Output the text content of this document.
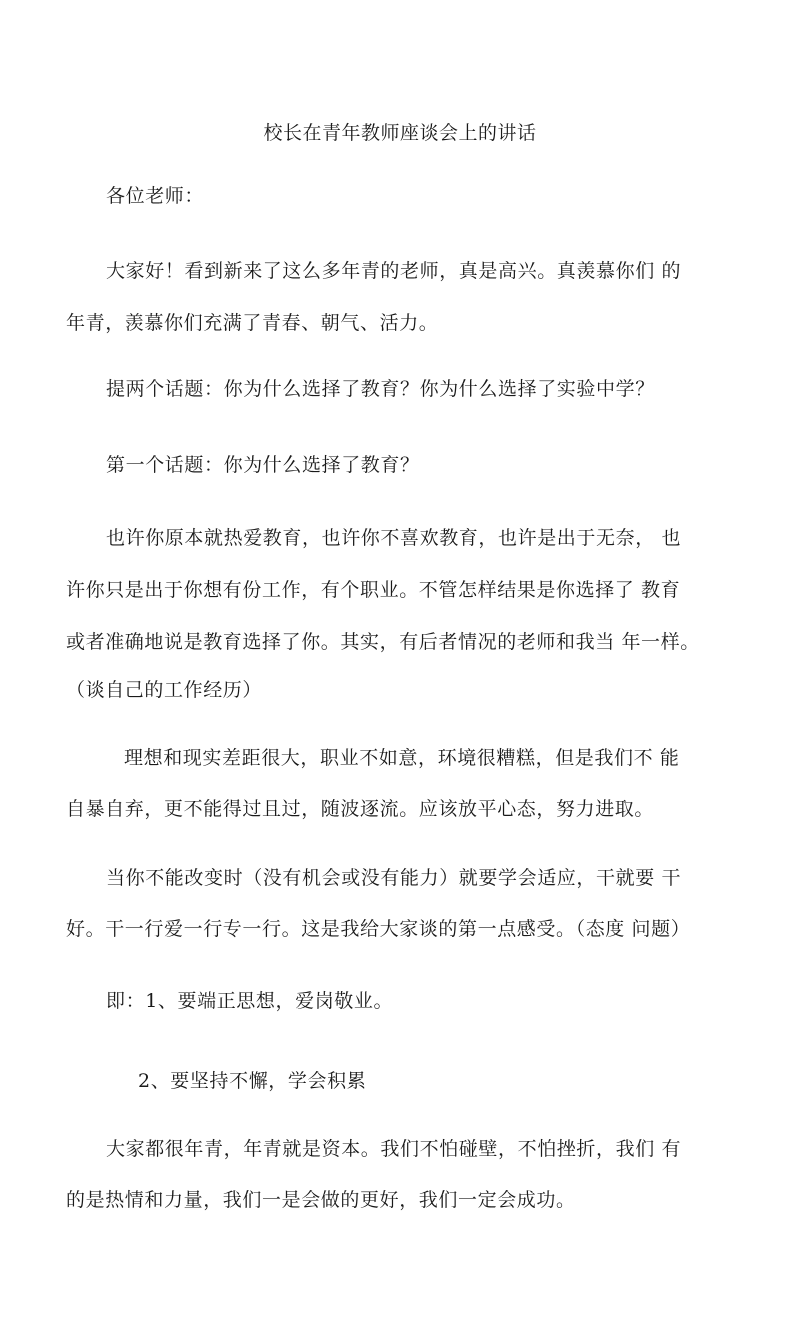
校长在青年教师座谈会上的讲话
各位老师：
大家好！看到新来了这么多年青的老师，真是高兴。真羡慕你们 的
年青，羡慕你们充满了青春、朝气、活力。
提两个话题：你为什么选择了教育？你为什么选择了实验中学？
第一个话题：你为什么选择了教育？
也许你原本就热爱教育，也许你不喜欢教育，也许是出于无奈， 也
许你只是出于你想有份工作，有个职业。不管怎样结果是你选择了 教育
或者准确地说是教育选择了你。其实，有后者情况的老师和我当 年一样。
（谈自己的工作经历）
理想和现实差距很大，职业不如意，环境很糟糕，但是我们不 能
自暴自弃，更不能得过且过，随波逐流。应该放平心态，努力进取。
当你不能改变时（没有机会或没有能力）就要学会适应，干就要 干
好。干一行爱一行专一行。这是我给大家谈的第一点感受。（态度 问题）
即：1、要端正思想，爱岗敬业。
2、要坚持不懈，学会积累
大家都很年青，年青就是资本。我们不怕碰壁，不怕挫折，我们 有
的是热情和力量，我们一是会做的更好，我们一定会成功。
